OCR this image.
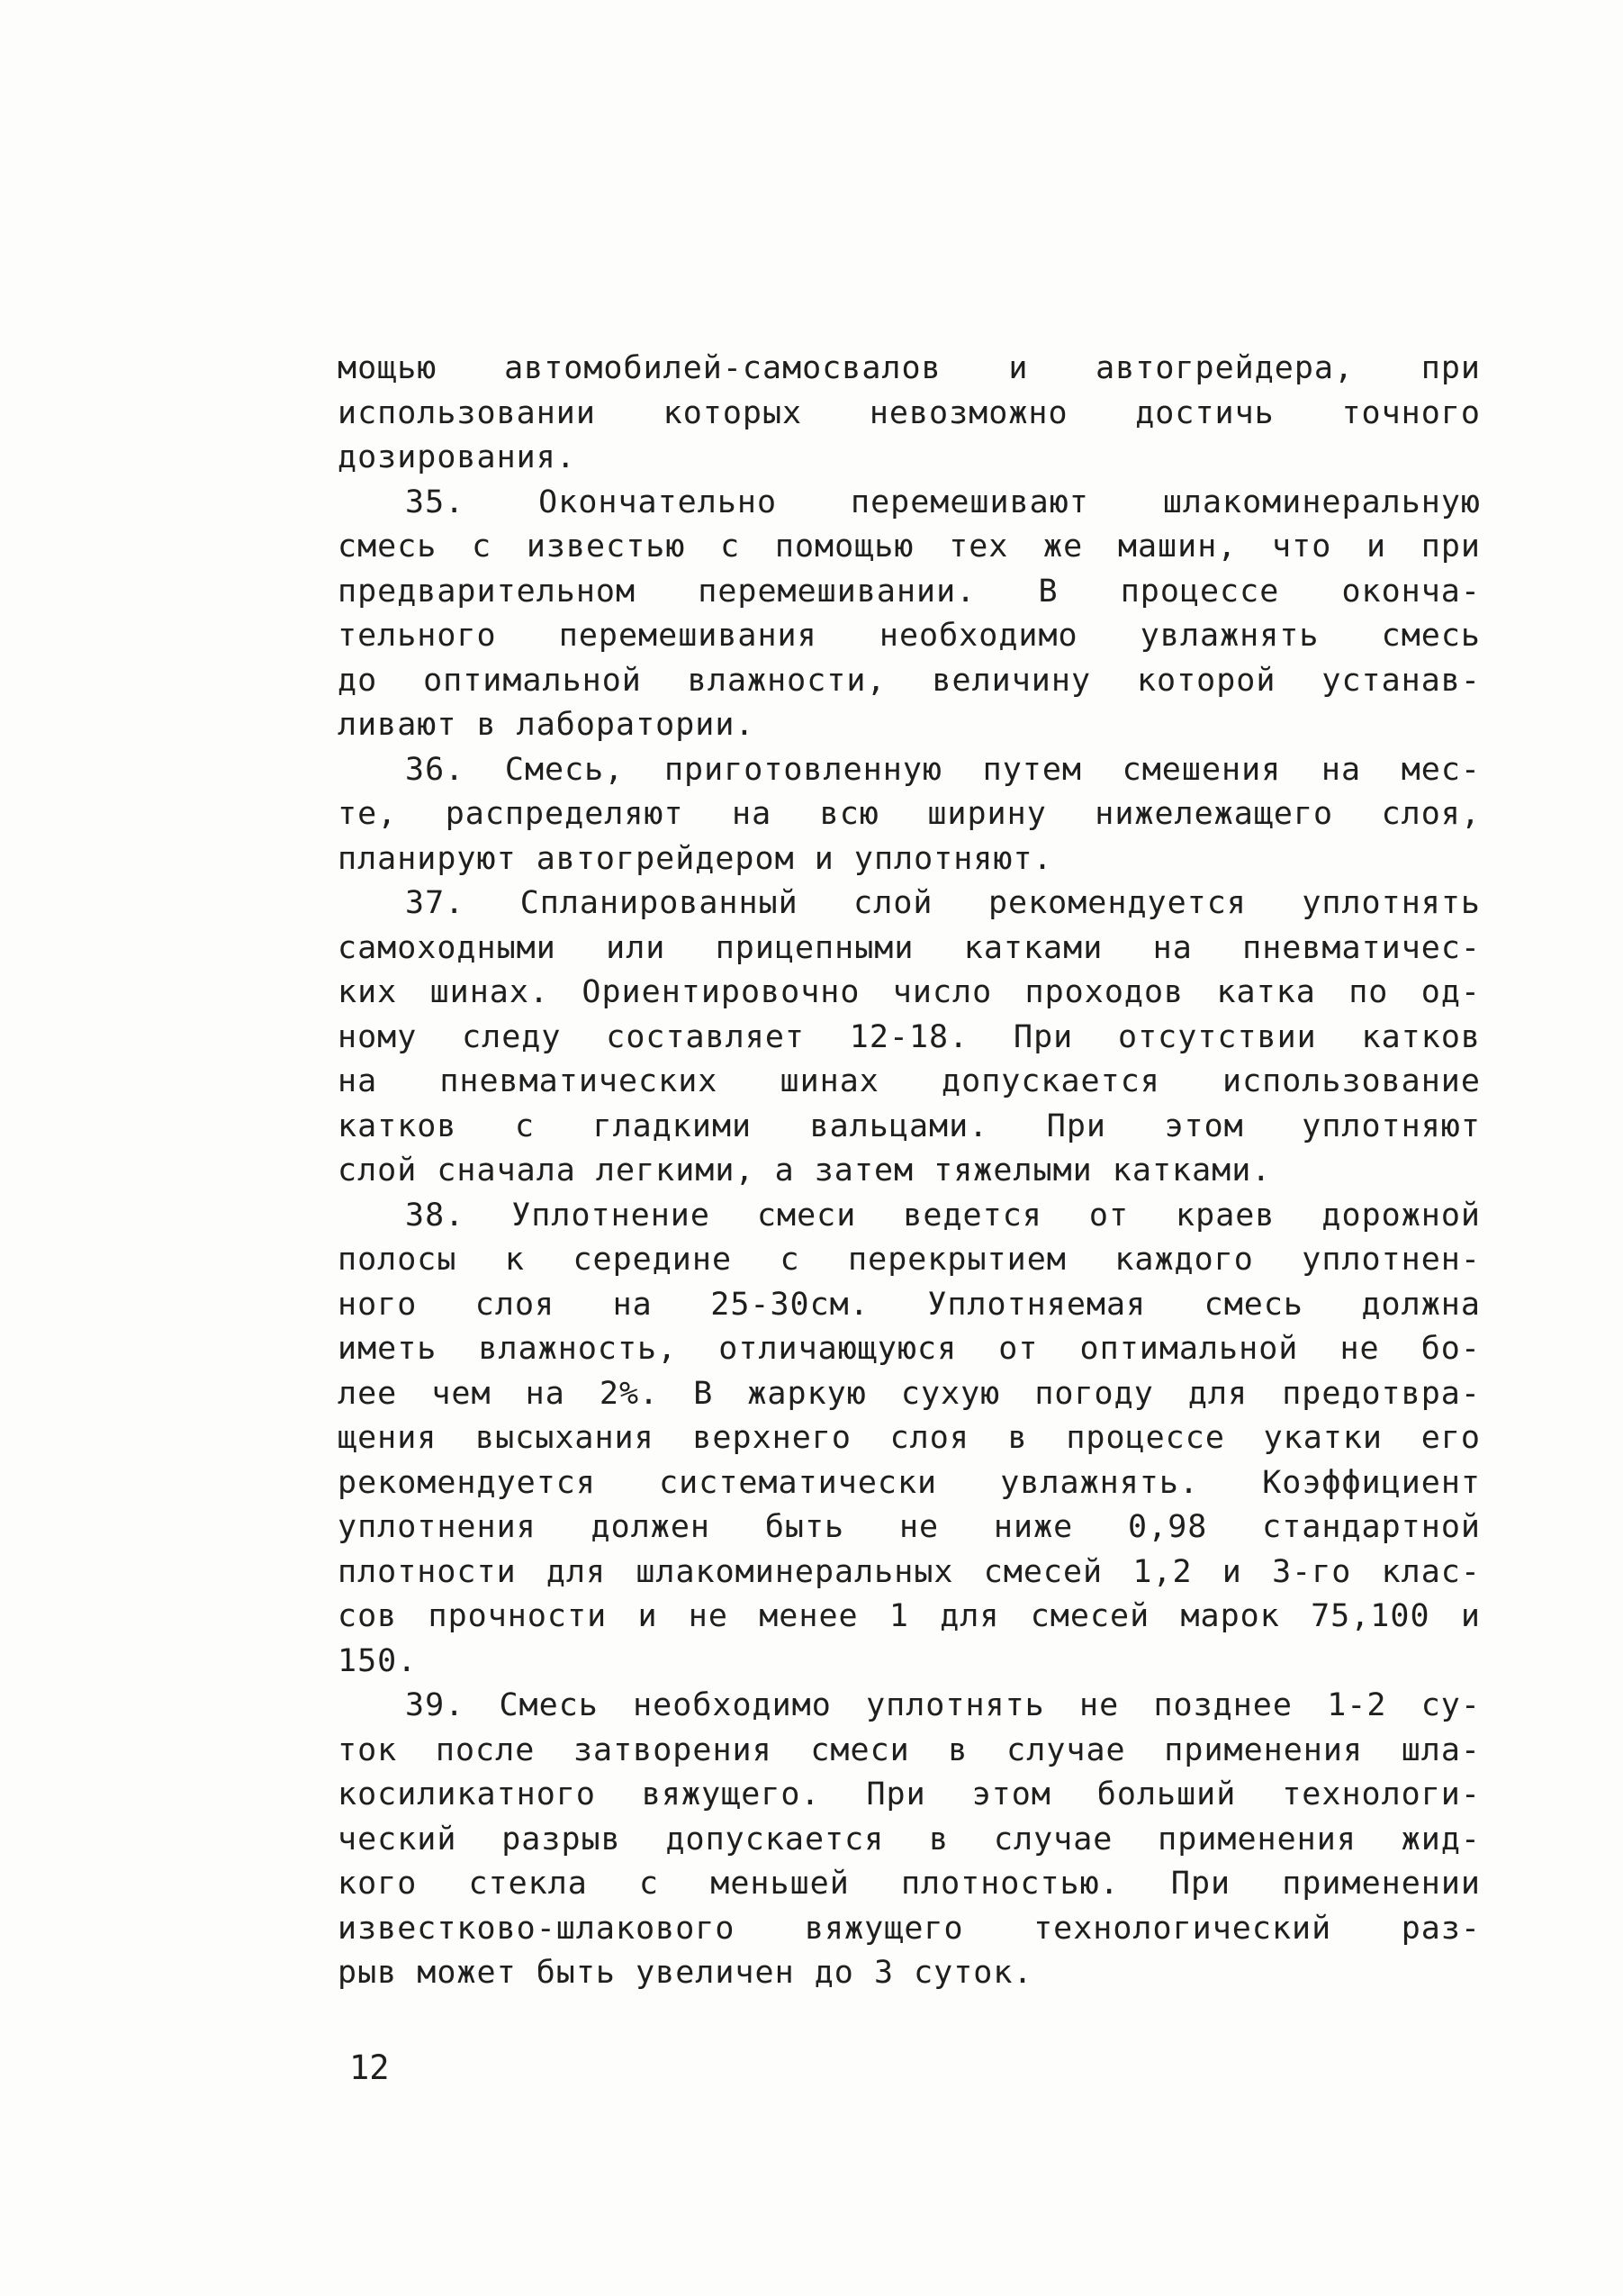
мощью автомобилей-самосвалов и автогрейдера, при
использовании которых невозможно достичь точного
дозирования.
35. Окончательно перемешивают шлакоминеральную
смесь с известью с помощью тех же машин, что и при
предварительном перемешивании. В процессе оконча-
тельного перемешивания необходимо увлажнять смесь
до оптимальной влажности, величину которой устанав-
ливают в лаборатории.
36. Смесь, приготовленную путем смешения на мес-
те, распределяют на всю ширину нижележащего слоя,
планируют автогрейдером и уплотняют.
37. Спланированный слой рекомендуется уплотнять
самоходными или прицепными катками на пневматичес-
ких шинах. Ориентировочно число проходов катка по од-
ному следу составляет 12-18. При отсутствии катков
на пневматических шинах допускается использование
катков с гладкими вальцами. При этом уплотняют
слой сначала легкими, а затем тяжелыми катками.
38. Уплотнение смеси ведется от краев дорожной
полосы к середине с перекрытием каждого уплотнен-
ного слоя на 25-30см. Уплотняемая смесь должна
иметь влажность, отличающуюся от оптимальной не бо-
лее чем на 2%. В жаркую сухую погоду для предотвра-
щения высыхания верхнего слоя в процессе укатки его
рекомендуется систематически увлажнять. Коэффициент
уплотнения должен быть не ниже 0,98 стандартной
плотности для шлакоминеральных смесей 1,2 и 3-го клас-
сов прочности и не менее 1 для смесей марок 75,100 и
150.
39. Смесь необходимо уплотнять не позднее 1-2 су-
ток после затворения смеси в случае применения шла-
косиликатного вяжущего. При этом больший технологи-
ческий разрыв допускается в случае применения жид-
кого стекла с меньшей плотностью. При применении
известково-шлакового вяжущего технологический раз-
рыв может быть увеличен до 3 суток.
12
